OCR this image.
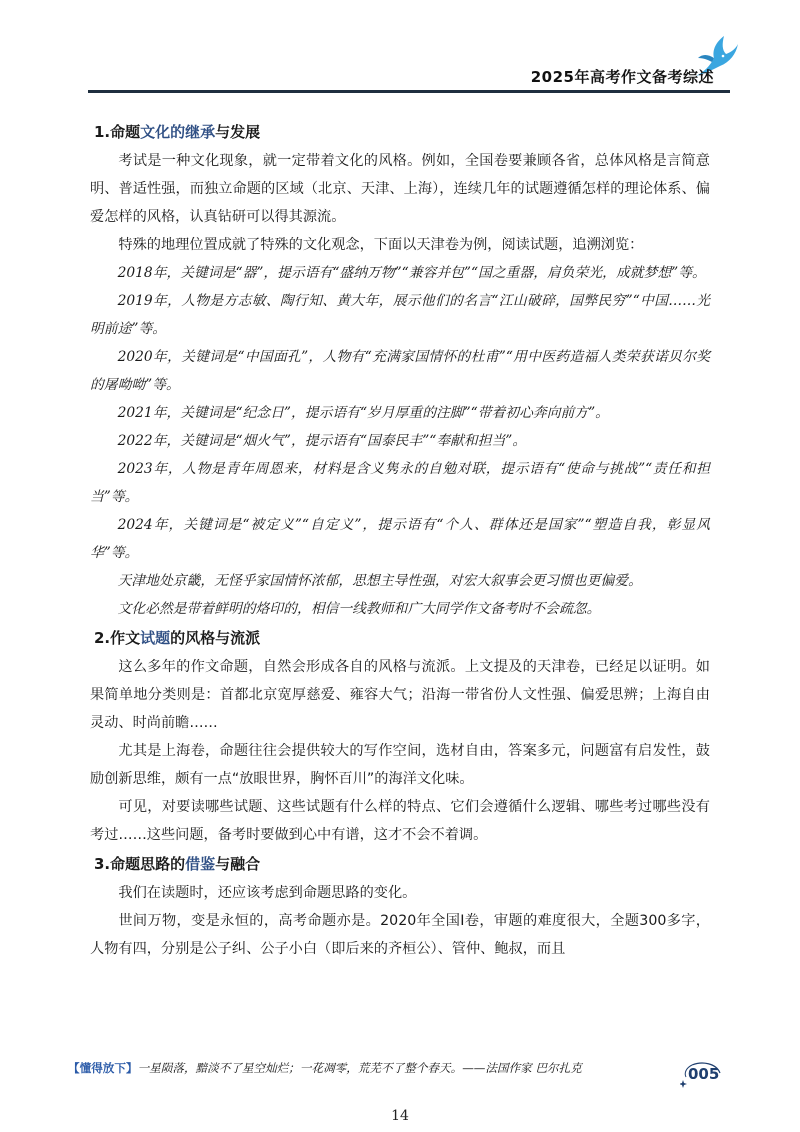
2025年高考作文备考综述
1.命题文化的继承与发展

考试是一种文化现象，就一定带着文化的风格。例如，全国卷要兼顾各省，总体风格是言简意明、普适性强，而独立命题的区域（北京、天津、上海），连续几年的试题遵循怎样的理论体系、偏爱怎样的风格，认真钻研可以得其源流。

特殊的地理位置成就了特殊的文化观念，下面以天津卷为例，阅读试题，追溯浏览：

2018年，关键词是“器”，提示语有“盛纳万物”“兼容并包”“国之重器，肩负荣光，成就梦想”等。

2019年，人物是方志敏、陶行知、黄大年，展示他们的名言“江山破碎，国弊民穷”“中国……光明前途”等。

2020年，关键词是“中国面孔”，人物有“充满家国情怀的杜甫”“用中医药造福人类荣获诺贝尔奖的屠呦呦”等。

2021年，关键词是“纪念日”，提示语有“岁月厚重的注脚”“带着初心奔向前方”。

2022年，关键词是“烟火气”，提示语有“国泰民丰”“奉献和担当”。

2023年，人物是青年周恩来，材料是含义隽永的自勉对联，提示语有“使命与挑战”“责任和担当”等。

2024年，关键词是“被定义”“自定义”，提示语有“个人、群体还是国家”“塑造自我，彰显风华”等。

天津地处京畿，无怪乎家国情怀浓郁，思想主导性强，对宏大叙事会更习惯也更偏爱。

文化必然是带着鲜明的烙印的，相信一线教师和广大同学作文备考时不会疏忽。

2.作文试题的风格与流派

这么多年的作文命题，自然会形成各自的风格与流派。上文提及的天津卷，已经足以证明。如果简单地分类则是：首都北京宽厚慈爱、雍容大气；沿海一带省份人文性强、偏爱思辨；上海自由灵动、时尚前瞻……

尤其是上海卷，命题往往会提供较大的写作空间，选材自由，答案多元，问题富有启发性，鼓励创新思维，颇有一点“放眼世界，胸怀百川”的海洋文化味。

可见，对要读哪些试题、这些试题有什么样的特点、它们会遵循什么逻辑、哪些考过哪些没有考过……这些问题，备考时要做到心中有谱，这才不会不着调。

3.命题思路的借鉴与融合

我们在读题时，还应该考虑到命题思路的变化。

世间万物，变是永恒的，高考命题亦是。2020年全国Ⅰ卷，审题的难度很大，全题300多字，人物有四，分别是公子纠、公子小白（即后来的齐桓公）、管仲、鲍叔，而且

【懂得放下】一星陨落，黯淡不了星空灿烂；一花凋零，荒芜不了整个春天。——法国作家 巴尔扎克	005
14
